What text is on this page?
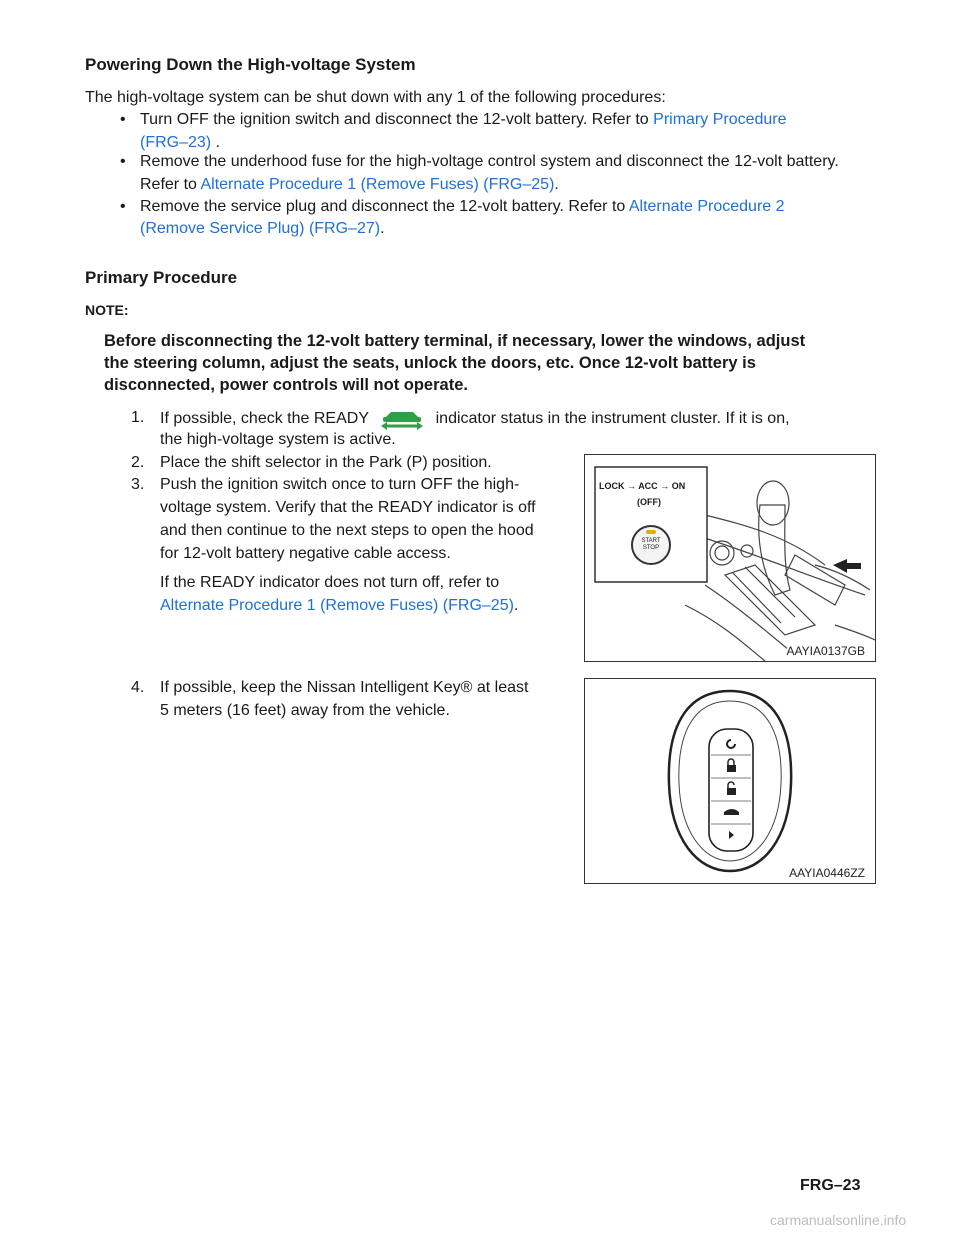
Powering Down the High-voltage System
The high-voltage system can be shut down with any 1 of the following procedures:
• Turn OFF the ignition switch and disconnect the 12-volt battery. Refer to Primary Procedure
(FRG–23) .
• Remove the underhood fuse for the high-voltage control system and disconnect the 12-volt battery.
Refer to Alternate Procedure 1 (Remove Fuses) (FRG–25).
• Remove the service plug and disconnect the 12-volt battery. Refer to Alternate Procedure 2
(Remove Service Plug) (FRG–27).
Primary Procedure
NOTE:
Before disconnecting the 12-volt battery terminal, if necessary, lower the windows, adjust
the steering column, adjust the seats, unlock the doors, etc. Once 12-volt battery is
disconnected, power controls will not operate.
1. If possible, check the READY	indicator status in the instrument cluster. If it is on,
the high-voltage system is active.
2. Place the shift selector in the Park (P) position.
3. Push the ignition switch once to turn OFF the high-
voltage system. Verify that the READY indicator is off
and then continue to the next steps to open the hood
for 12-volt battery negative cable access.
If the READY indicator does not turn off, refer to
Alternate Procedure 1 (Remove Fuses) (FRG–25).
4. If possible, keep the Nissan Intelligent Key® at least
5 meters (16 feet) away from the vehicle.
LOCK → ACC → ON
(OFF)
START
STOP
AAYIA0137GB
AAYIA0446ZZ
FRG–23
carmanualsonline.info
